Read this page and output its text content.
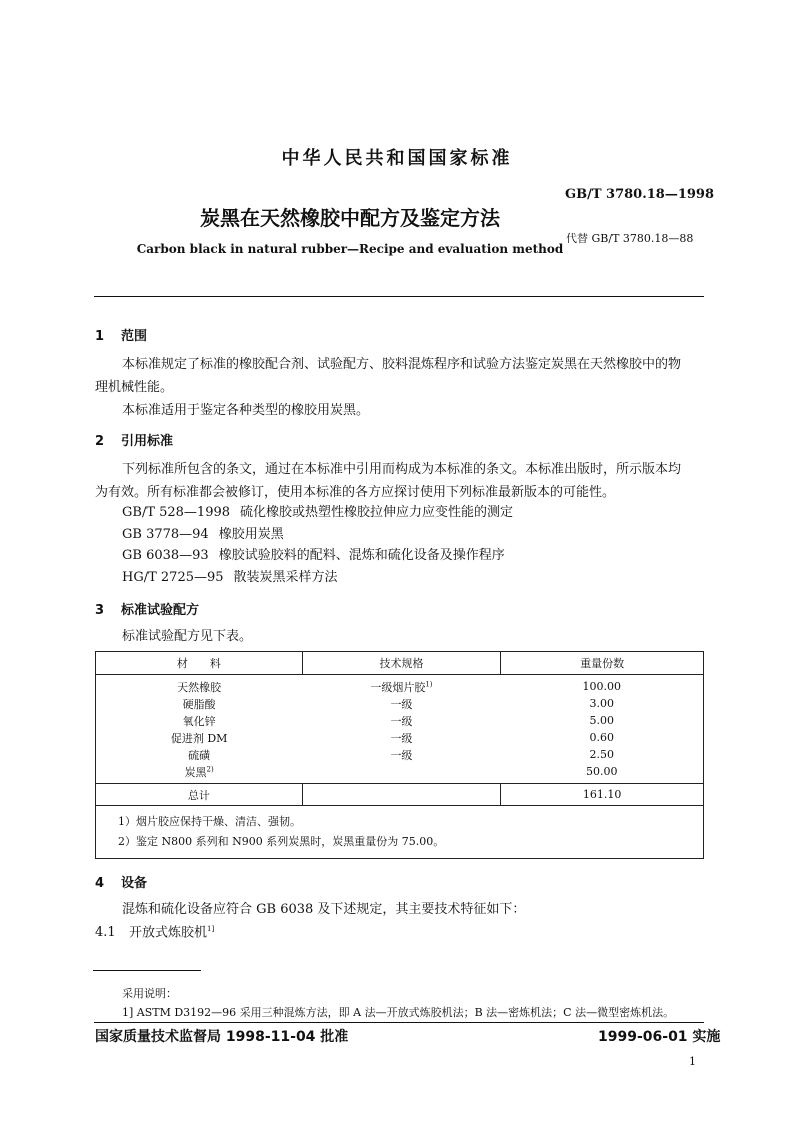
中华人民共和国国家标准
GB/T 3780.18—1998
炭黑在天然橡胶中配方及鉴定方法
代替 GB/T 3780.18—88
Carbon black in natural rubber—Recipe and evaluation method
1 范围
本标准规定了标准的橡胶配合剂、试验配方、胶料混炼程序和试验方法鉴定炭黑在天然橡胶中的物
理机械性能。
本标准适用于鉴定各种类型的橡胶用炭黑。
2 引用标准
下列标准所包含的条文，通过在本标准中引用而构成为本标准的条文。本标准出版时，所示版本均
为有效。所有标准都会被修订，使用本标准的各方应探讨使用下列标准最新版本的可能性。
GB/T 528—1998 硫化橡胶或热塑性橡胶拉伸应力应变性能的测定
GB 3778—94 橡胶用炭黑
GB 6038—93 橡胶试验胶料的配料、混炼和硫化设备及操作程序
HG/T 2725—95 散装炭黑采样方法
3 标准试验配方
标准试验配方见下表。
材　　料	技术规格	重量份数

天然橡胶	一级烟片胶$^{1)}$	100.00
硬脂酸	一级	3.00
氧化锌	一级	5.00
促进剂 DM	一级	0.60
硫磺	一级	2.50
炭黑$^{2)}$		50.00

总计		161.10

1）烟片胶应保持干燥、清洁、强韧。
2）鉴定 N800 系列和 N900 系列炭黑时，炭黑重量份为 75.00。
4 设备
混炼和硫化设备应符合 GB 6038 及下述规定，其主要技术特征如下：
4.1 开放式炼胶机$^{1]}$
采用说明：
1] ASTM D3192—96 采用三种混炼方法，即 A 法—开放式炼胶机法；B 法—密炼机法；C 法—微型密炼机法。
国家质量技术监督局 1998-11-04 批准	1999-06-01 实施
1
